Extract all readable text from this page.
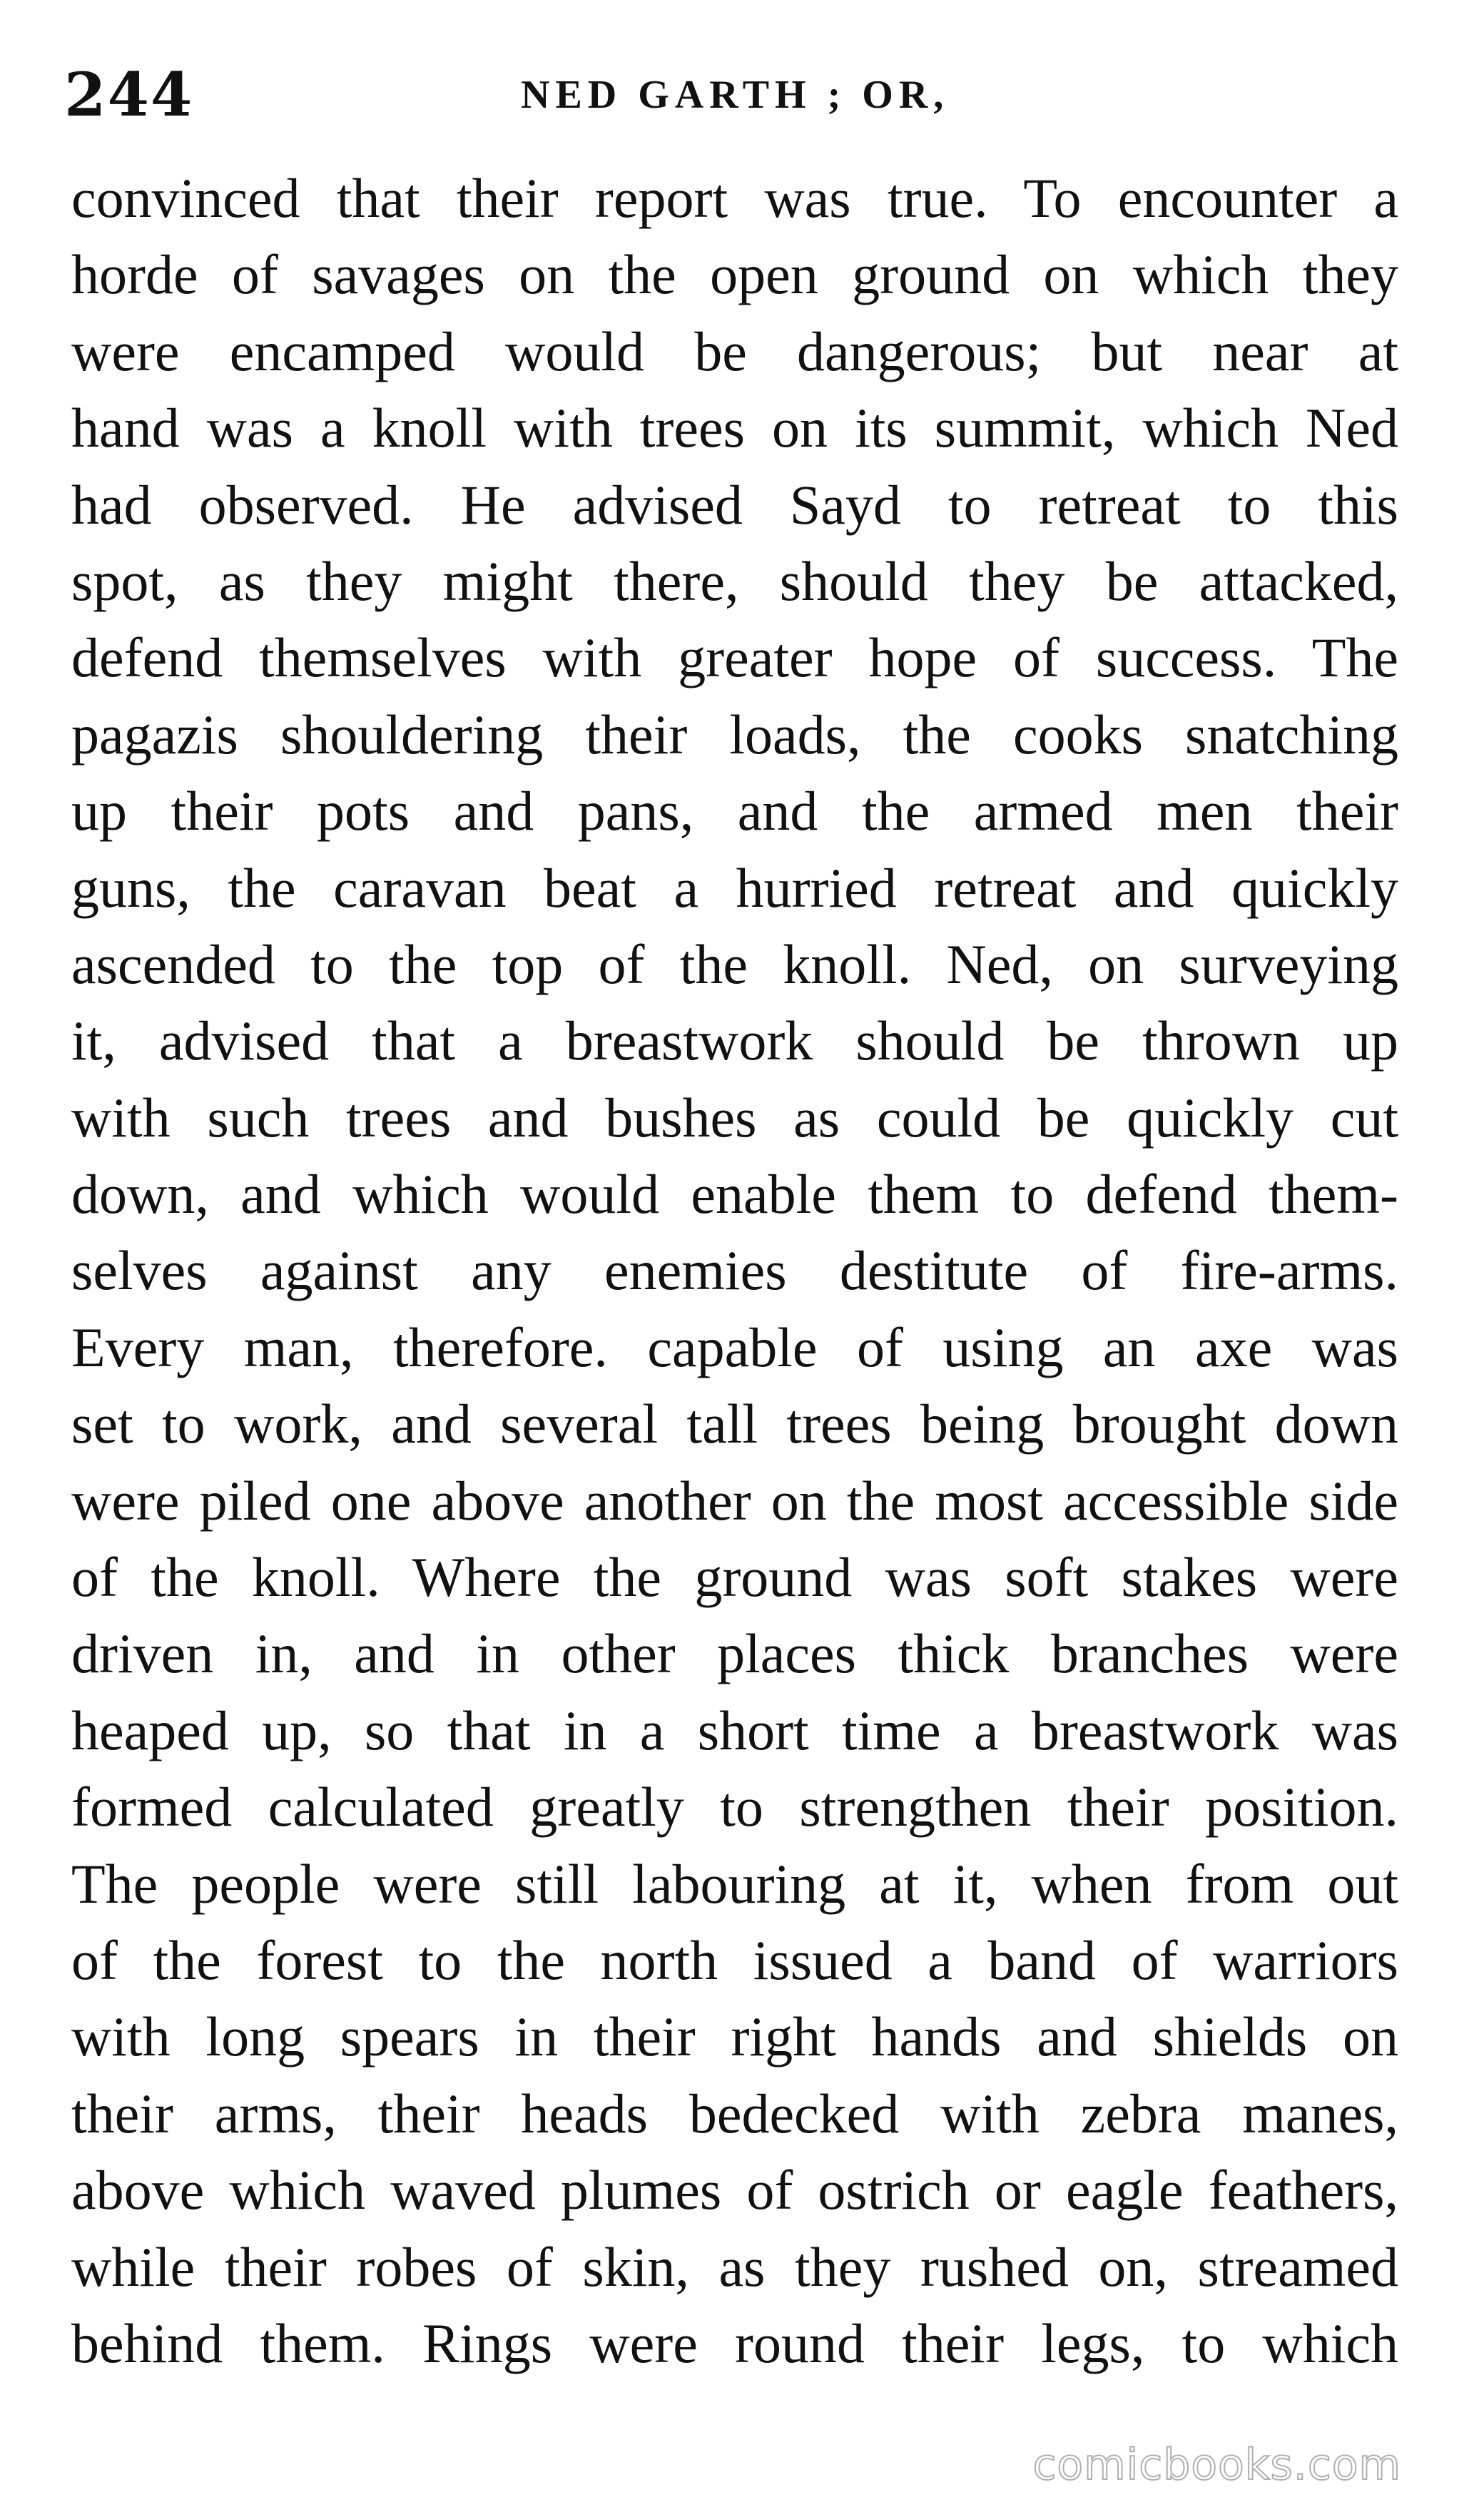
244	NED GARTH ; OR,
convinced that their report was true. To encounter a
horde of savages on the open ground on which they
were encamped would be dangerous; but near at
hand was a knoll with trees on its summit, which Ned
had observed. He advised Sayd to retreat to this
spot, as they might there, should they be attacked,
defend themselves with greater hope of success. The
pagazis shouldering their loads, the cooks snatching
up their pots and pans, and the armed men their
guns, the caravan beat a hurried retreat and quickly
ascended to the top of the knoll. Ned, on surveying
it, advised that a breastwork should be thrown up
with such trees and bushes as could be quickly cut
down, and which would enable them to defend them-
selves against any enemies destitute of fire-arms.
Every man, therefore. capable of using an axe was
set to work, and several tall trees being brought down
were piled one above another on the most accessible side
of the knoll. Where the ground was soft stakes were
driven in, and in other places thick branches were
heaped up, so that in a short time a breastwork was
formed calculated greatly to strengthen their position.
The people were still labouring at it, when from out
of the forest to the north issued a band of warriors
with long spears in their right hands and shields on
their arms, their heads bedecked with zebra manes,
above which waved plumes of ostrich or eagle feathers,
while their robes of skin, as they rushed on, streamed
behind them. Rings were round their legs, to which
comicbooks.com
